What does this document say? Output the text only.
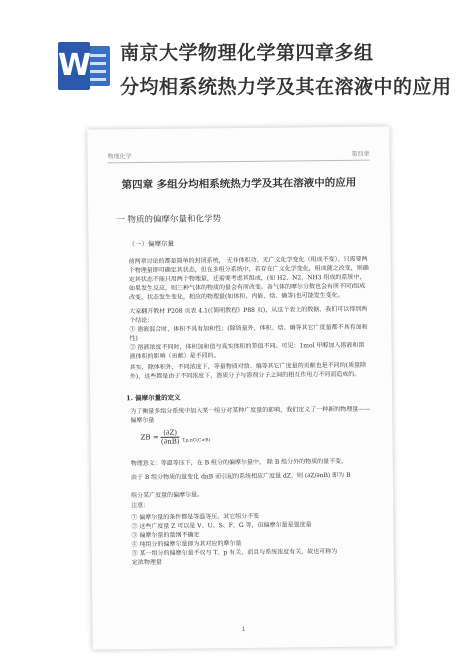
W 南京大学物理化学第四章多组
分均相系统热力学及其在溶液中的应用
物理化学	第四章
第四章 多组分均相系统热力学及其在溶液中的应用
一 物质的偏摩尔量和化学势
（一）偏摩尔量
前两章讨论的都是简单的封闭系统， 无非体积功、无广义化学变化（组成不变）。只需要两个物理量即可确定其状态，但在多组分系统中，若存在广义化学变化，组成随之改变，则确定其状态不能只用两个物理量，还需要考虑其组成，(如 H2、N2、NH3 组成的系统中，如果发生反应，则三种气体的物质的量会有所改变。各气体的摩尔分数也会有所不同)组成改变，状态发生变化，相应的物理量(如体积、内能、焓、熵等)也可能发生变化。
大家翻开教材 P208 页表 4.1(《简明教程》P88 页)，从这个表上的数据，我们可以得到两个结论：
① 溶液混合时，体积不具有加和性；(除质量外，体积、焓、熵等其它广度量都不具有加和性)
② 溶液浓度不同时，体积加和值与真实体积的差值不同。可见：1mol 甲醇加入溶液和溶液体积的影响（贡献）是不同的。
其实，除体积外，不同浓度下，等量物质对焓、熵等其它广度量的贡献也是不同的(质量除外)，这些都是由于不同浓度下，溶质分子与溶剂分子之间的相互作用力不同而造成的。
1. 偏摩尔量的定义
为了衡量多组分系统中加入某一组分对某种广度量的影响，我们定义了一种新的物理量——偏摩尔量
ZB = $\frac{(\partial Z)}{(\partial nB)} _{T,p,nC(C\ne B)}$
物理意义：等温等压下，在 B 组分的偏摩尔量中， 除 B 组分外的物质的量不变，
由于 B 组分物质的量变化 dnB 而引起的系统相应广度量 dZ，则 (∂Z/∂nB) 即为 B
组分某广度量的偏摩尔量。
注意：
① 偏摩尔量的条件都是等温等压，其它组分不变
② 这些广度量 Z 可以是 V、U、S、F、G 等，但偏摩尔量是强度量
③ 偏摩尔量的量纲不确定
④ 纯组分的偏摩尔量即为其对应的摩尔量
⑤ 某一组分的偏摩尔量不仅与 T、p 有关，而且与系统浓度有关，故也可称为
定浓物理量
1
